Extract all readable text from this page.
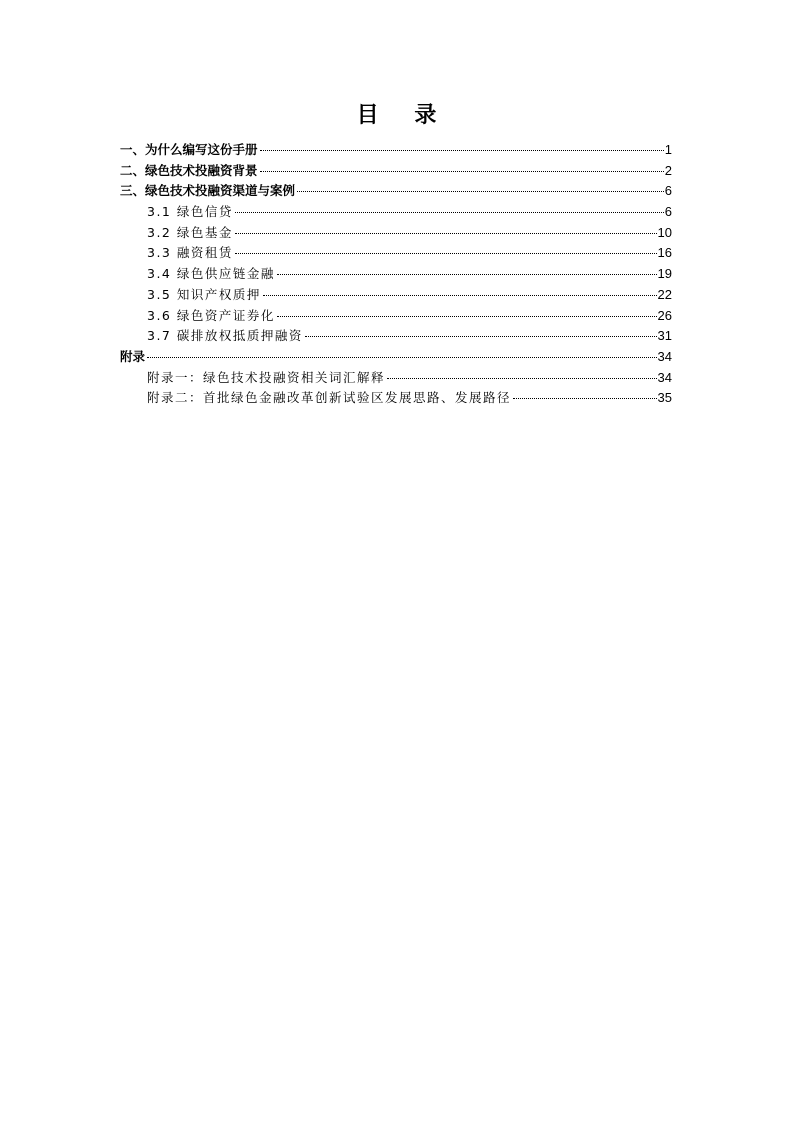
目 录
一、为什么编写这份手册	1
二、绿色技术投融资背景	2
三、绿色技术投融资渠道与案例	6
3.1 绿色信贷	6
3.2 绿色基金	10
3.3 融资租赁	16
3.4 绿色供应链金融	19
3.5 知识产权质押	22
3.6 绿色资产证券化	26
3.7 碳排放权抵质押融资	31
附录	34
附录一：绿色技术投融资相关词汇解释	34
附录二：首批绿色金融改革创新试验区发展思路、发展路径	35
